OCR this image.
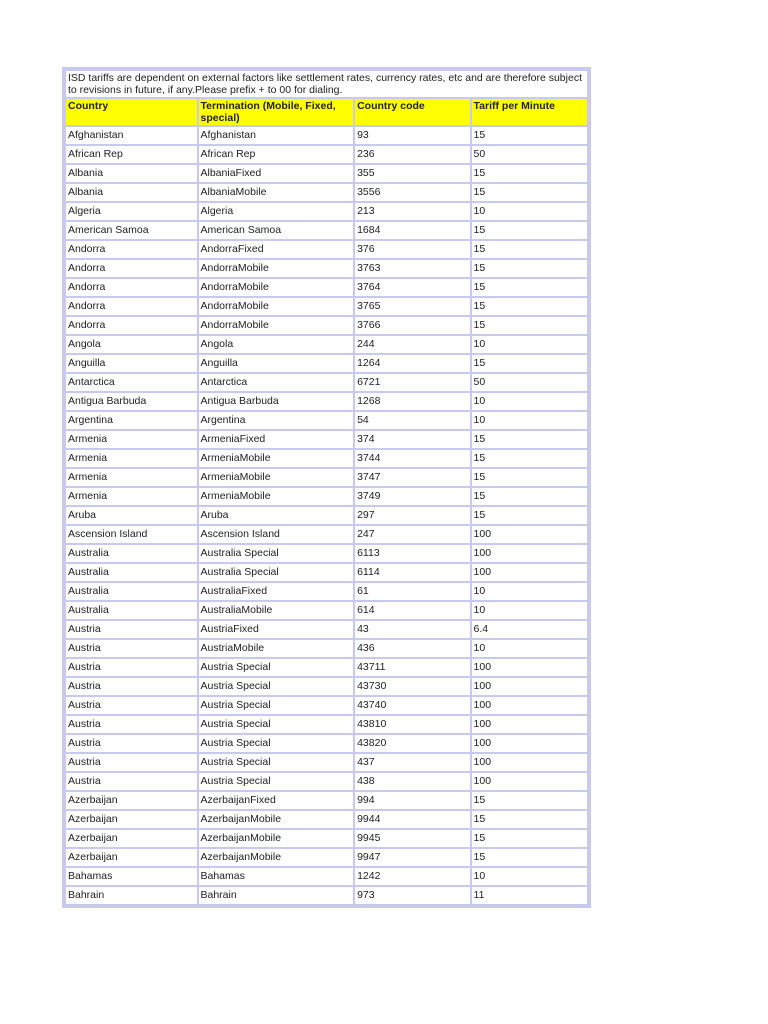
ISD tariffs are dependent on external factors like settlement rates, currency rates, etc and are therefore subject to revisions in future, if any.Please prefix + to 00 for dialing.			
Country	Termination (Mobile, Fixed, special)	Country code	Tariff per Minute
Afghanistan	Afghanistan	93	15
African Rep	African Rep	236	50
Albania	AlbaniaFixed	355	15
Albania	AlbaniaMobile	3556	15
Algeria	Algeria	213	10
American Samoa	American Samoa	1684	15
Andorra	AndorraFixed	376	15
Andorra	AndorraMobile	3763	15
Andorra	AndorraMobile	3764	15
Andorra	AndorraMobile	3765	15
Andorra	AndorraMobile	3766	15
Angola	Angola	244	10
Anguilla	Anguilla	1264	15
Antarctica	Antarctica	6721	50
Antigua Barbuda	Antigua Barbuda	1268	10
Argentina	Argentina	54	10
Armenia	ArmeniaFixed	374	15
Armenia	ArmeniaMobile	3744	15
Armenia	ArmeniaMobile	3747	15
Armenia	ArmeniaMobile	3749	15
Aruba	Aruba	297	15
Ascension Island	Ascension Island	247	100
Australia	Australia Special	6113	100
Australia	Australia Special	6114	100
Australia	AustraliaFixed	61	10
Australia	AustraliaMobile	614	10
Austria	AustriaFixed	43	6.4
Austria	AustriaMobile	436	10
Austria	Austria Special	43711	100
Austria	Austria Special	43730	100
Austria	Austria Special	43740	100
Austria	Austria Special	43810	100
Austria	Austria Special	43820	100
Austria	Austria Special	437	100
Austria	Austria Special	438	100
Azerbaijan	AzerbaijanFixed	994	15
Azerbaijan	AzerbaijanMobile	9944	15
Azerbaijan	AzerbaijanMobile	9945	15
Azerbaijan	AzerbaijanMobile	9947	15
Bahamas	Bahamas	1242	10
Bahrain	Bahrain	973	11
